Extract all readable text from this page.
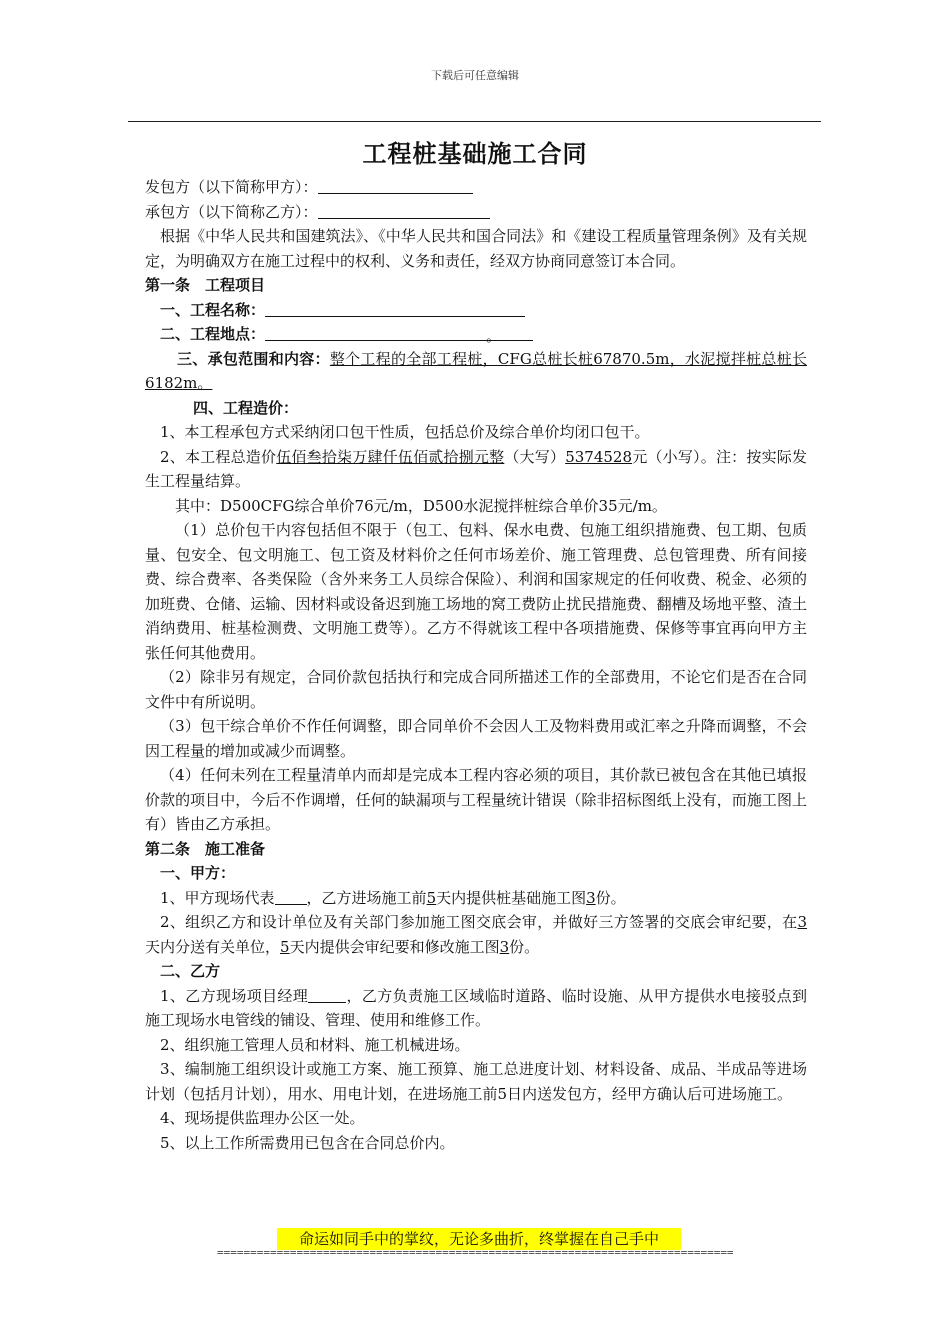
下载后可任意编辑
工程桩基础施工合同

发包方（以下简称甲方）：

承包方（以下简称乙方）：

根据《中华人民共和国建筑法》、《中华人民共和国合同法》和《建设工程质量管理条例》及有关规定，为明确双方在施工过程中的权利、义务和责任，经双方协商同意签订本合同。

第一条　工程项目

一、工程名称：

二、工程地点：	。

三、承包范围和内容：整个工程的全部工程桩，CFG总桩长桩67870.5m，水泥搅拌桩总桩长6182m。

四、工程造价：

1、本工程承包方式采纳闭口包干性质，包括总价及综合单价均闭口包干。

2、本工程总造价伍佰叁拾柒万肆仟伍佰贰拾捌元整（大写）5374528元（小写）。注：按实际发生工程量结算。

其中：D500CFG综合单价76元/m，D500水泥搅拌桩综合单价35元/m。

（1）总价包干内容包括但不限于（包工、包料、保水电费、包施工组织措施费、包工期、包质量、包安全、包文明施工、包工资及材料价之任何市场差价、施工管理费、总包管理费、所有间接费、综合费率、各类保险（含外来务工人员综合保险）、利润和国家规定的任何收费、税金、必须的加班费、仓储、运输、因材料或设备迟到施工场地的窝工费防止扰民措施费、翻槽及场地平整、渣土消纳费用、桩基检测费、文明施工费等）。乙方不得就该工程中各项措施费、保修等事宜再向甲方主张任何其他费用。

（2）除非另有规定，合同价款包括执行和完成合同所描述工作的全部费用，不论它们是否在合同文件中有所说明。

（3）包干综合单价不作任何调整，即合同单价不会因人工及物料费用或汇率之升降而调整，不会因工程量的增加或减少而调整。

（4）任何未列在工程量清单内而却是完成本工程内容必须的项目，其价款已被包含在其他已填报价款的项目中，今后不作调增，任何的缺漏项与工程量统计错误（除非招标图纸上没有，而施工图上有）皆由乙方承担。

第二条　施工准备

一、甲方：

1、甲方现场代表 ，乙方进场施工前5天内提供桩基础施工图3份。

2、组织乙方和设计单位及有关部门参加施工图交底会审，并做好三方签署的交底会审纪要，在3天内分送有关单位，5天内提供会审纪要和修改施工图3份。

二、乙方

1、乙方现场项目经理	，乙方负责施工区域临时道路、临时设施、从甲方提供水电接驳点到施工现场水电管线的铺设、管理、使用和维修工作。

2、组织施工管理人员和材料、施工机械进场。

3、编制施工组织设计或施工方案、施工预算、施工总进度计划、材料设备、成品、半成品等进场计划（包括月计划），用水、用电计划，在进场施工前5日内送发包方，经甲方确认后可进场施工。

4、现场提供监理办公区一处。

5、以上工作所需费用已包含在合同总价内。

命运如同手中的掌纹，无论多曲折，终掌握在自己手中
==============================================================================
